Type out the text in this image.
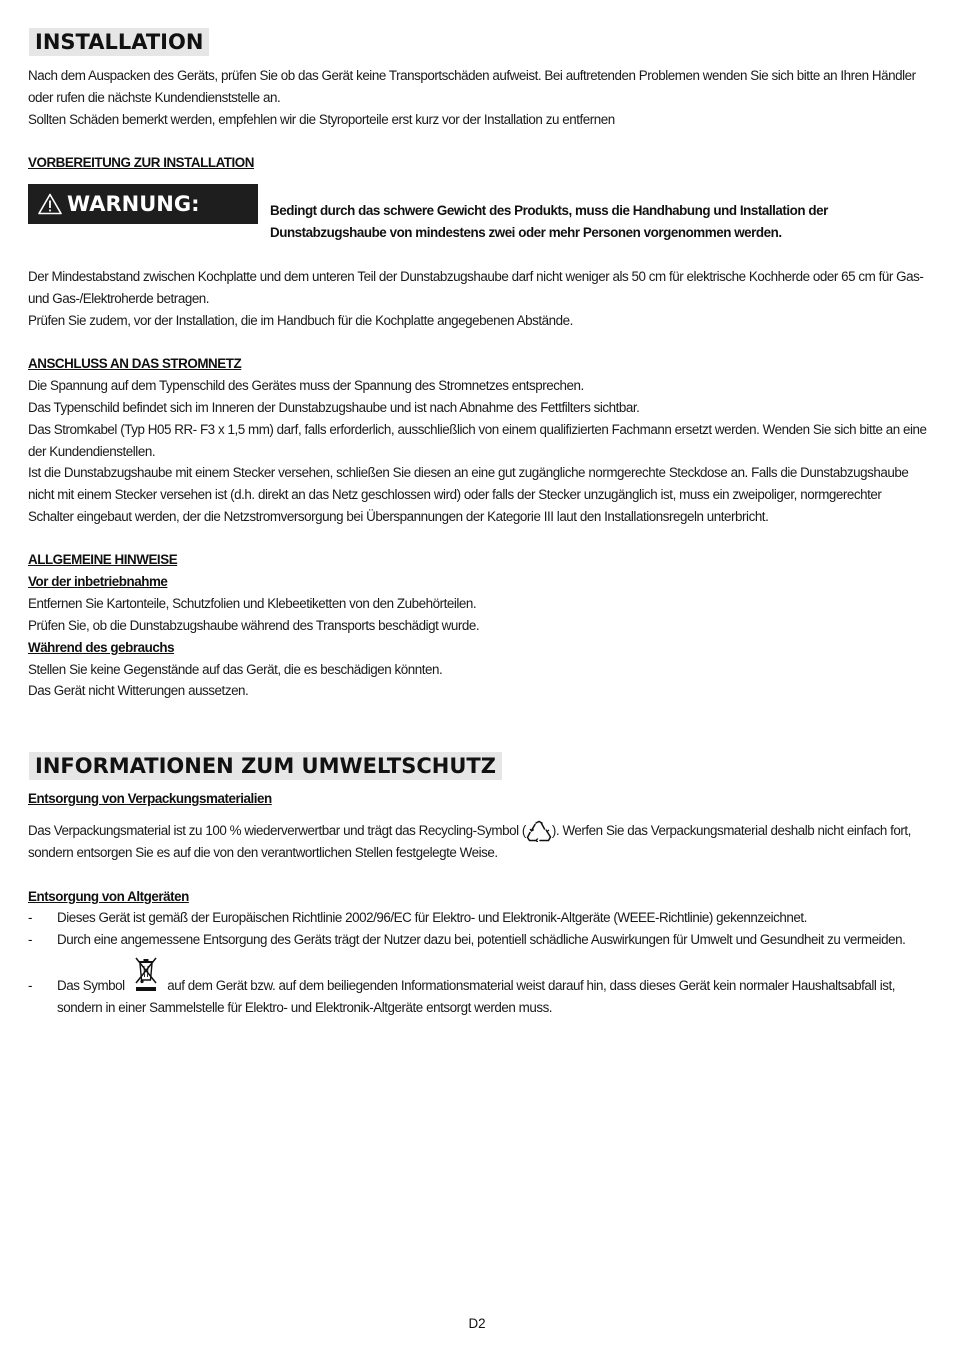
INSTALLATION

Nach dem Auspacken des Geräts, prüfen Sie ob das Gerät keine Transportschäden aufweist. Bei auftretenden Problemen wenden Sie sich bitte an Ihren Händler oder rufen die nächste Kundendienststelle an.

Sollten Schäden bemerkt werden, empfehlen wir die Styroporteile erst kurz vor der Installation zu entfernen

VORBEREITUNG ZUR INSTALLATION
WARNUNG:	Bedingt durch das schwere Gewicht des Produkts, muss die Handhabung und Installation der Dunstabzugshaube von mindestens zwei oder mehr Personen vorgenommen werden.

Der Mindestabstand zwischen Kochplatte und dem unteren Teil der Dunstabzugshaube darf nicht weniger als 50 cm für elektrische Kochherde oder 65 cm für Gas- und Gas-/Elektroherde betragen.

Prüfen Sie zudem, vor der Installation, die im Handbuch für die Kochplatte angegebenen Abstände.

ANSCHLUSS AN DAS STROMNETZ

Die Spannung auf dem Typenschild des Gerätes muss der Spannung des Stromnetzes entsprechen.

Das Typenschild befindet sich im Inneren der Dunstabzugshaube und ist nach Abnahme des Fettfilters sichtbar.

Das Stromkabel (Typ H05 RR- F3 x 1,5 mm) darf, falls erforderlich, ausschließlich von einem qualifizierten Fachmann ersetzt werden. Wenden Sie sich bitte an eine der Kundendienstellen.

Ist die Dunstabzugshaube mit einem Stecker versehen, schließen Sie diesen an eine gut zugängliche normgerechte Steckdose an. Falls die Dunstabzugshaube nicht mit einem Stecker versehen ist (d.h. direkt an das Netz geschlossen wird) oder falls der Stecker unzugänglich ist, muss ein zweipoliger, normgerechter Schalter eingebaut werden, der die Netzstromversorgung bei Überspannungen der Kategorie III laut den Installationsregeln unterbricht.

ALLGEMEINE HINWEISE
Vor der inbetriebnahme

Entfernen Sie Kartonteile, Schutzfolien und Klebeetiketten von den Zubehörteilen.

Prüfen Sie, ob die Dunstabzugshaube während des Transports beschädigt wurde.

Während des gebrauchs

Stellen Sie keine Gegenstände auf das Gerät, die es beschädigen könnten.

Das Gerät nicht Witterungen aussetzen.

INFORMATIONEN ZUM UMWELTSCHUTZ
Entsorgung von Verpackungsmaterialien

Das Verpackungsmaterial ist zu 100 % wiederverwertbar und trägt das Recycling-Symbol ( ). Werfen Sie das Verpackungsmaterial deshalb nicht einfach fort, sondern entsorgen Sie es auf die von den verantwortlichen Stellen festgelegte Weise.

Entsorgung von Altgeräten
- Dieses Gerät ist gemäß der Europäischen Richtlinie 2002/96/EC für Elektro- und Elektronik-Altgeräte (WEEE-Richtlinie) gekennzeichnet.

- Durch eine angemessene Entsorgung des Geräts trägt der Nutzer dazu bei, potentiell schädliche Auswirkungen für Umwelt und Gesundheit zu vermeiden.

- Das Symbol	auf dem Gerät bzw. auf dem beiliegenden Informationsmaterial weist darauf hin, dass dieses Gerät kein normaler Haushaltsabfall ist, sondern in einer Sammelstelle für Elektro- und Elektronik-Altgeräte entsorgt werden muss.

D2
